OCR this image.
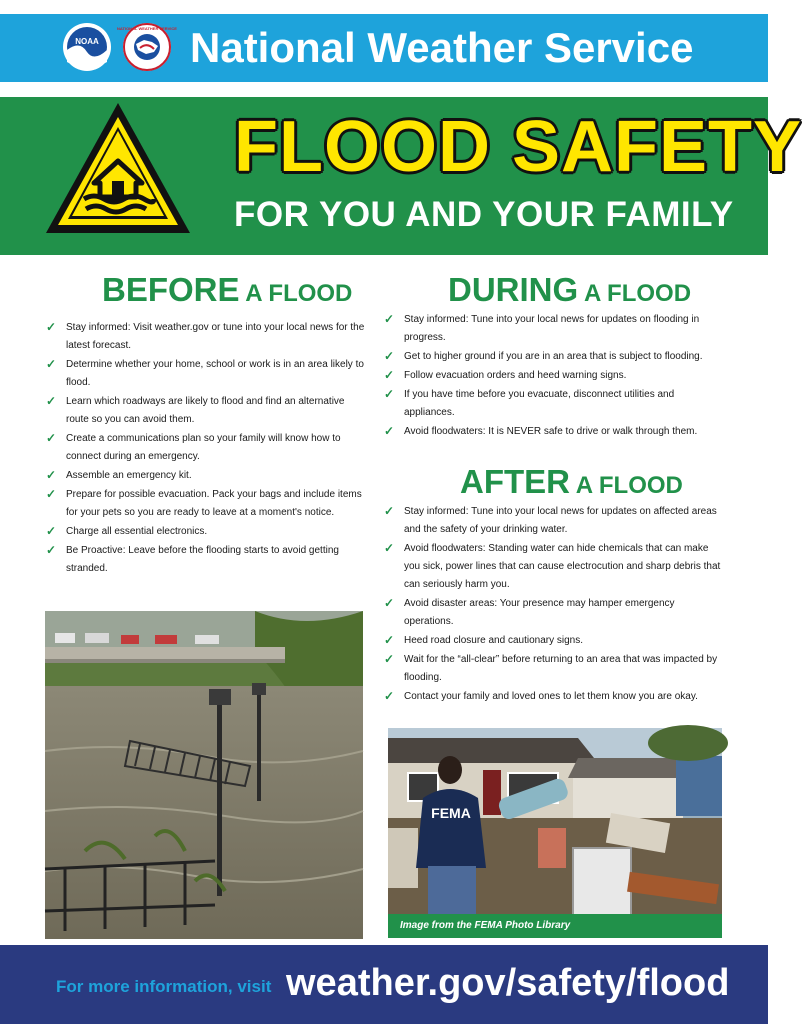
NOAA
NATIONAL WEATHER SERVICE National Weather Service
FLOOD SAFETY
FOR YOU AND YOUR FAMILY
BEFORE A FLOOD
✓ Stay informed: Visit weather.gov or tune into your local news for the latest forecast.
✓ Determine whether your home, school or work is in an area likely to flood.
✓ Learn which roadways are likely to flood and find an alternative route so you can avoid them.
✓ Create a communications plan so your family will know how to connect during an emergency.
✓ Assemble an emergency kit.
✓ Prepare for possible evacuation. Pack your bags and include items for your pets so you are ready to leave at a moment's notice.
✓ Charge all essential electronics.
✓ Be Proactive: Leave before the flooding starts to avoid getting stranded.
DURING A FLOOD
✓ Stay informed: Tune into your local news for updates on flooding in progress.
✓ Get to higher ground if you are in an area that is subject to flooding.
✓ Follow evacuation orders and heed warning signs.
✓ If you have time before you evacuate, disconnect utilities and appliances.
✓ Avoid floodwaters: It is NEVER safe to drive or walk through them.
AFTER A FLOOD
✓ Stay informed: Tune into your local news for updates on affected areas and the safety of your drinking water.
✓ Avoid floodwaters: Standing water can hide chemicals that can make you sick, power lines that can cause electrocution and sharp debris that can seriously harm you.
✓ Avoid disaster areas: Your presence may hamper emergency operations.
✓ Heed road closure and cautionary signs.
✓ Wait for the “all-clear” before returning to an area that was impacted by flooding.
✓ Contact your family and loved ones to let them know you are okay.
FEMA
Image from the FEMA Photo Library
For more information, visit weather.gov/safety/flood
